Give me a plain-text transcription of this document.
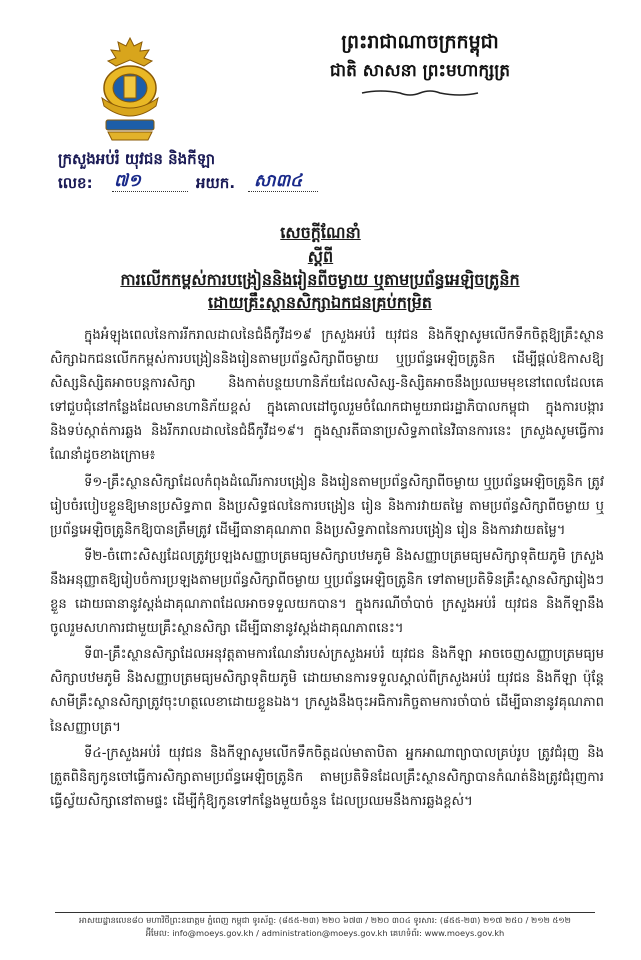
ព្រះរាជាណាចក្រកម្ពុជា
ជាតិ សាសនា ព្រះមហាក្សត្រ
ក្រសួងអប់រំ យុវជន និងកីឡា
លេខ: ៧១	អយក. សា៣៤
សេចក្តីណែនាំ
ស្តីពី
ការលើកកម្ពស់ការបង្រៀននិងរៀនពីចម្ងាយ ឬតាមប្រព័ន្ធអេឡិចត្រូនិក
ដោយគ្រឹះស្ថានសិក្សាឯកជនគ្រប់កម្រិត

ក្នុងអំឡុងពេលនៃការរីករាលដាលនៃជំងឺកូវីដ១៩ ក្រសួងអប់រំ យុវជន និងកីឡាសូមលើកទឹកចិត្តឱ្យគ្រឹះស្ថានសិក្សាឯកជនលើកកម្ពស់ការបង្រៀននិងរៀនតាមប្រព័ន្ធសិក្សាពីចម្ងាយ ឬប្រព័ន្ធអេឡិចត្រូនិក ដើម្បីផ្តល់ឱកាសឱ្យសិស្សនិស្សិតអាចបន្តការសិក្សា និងកាត់បន្ថយហានិភ័យដែលសិស្ស-និស្សិតអាចនឹងប្រឈមមុខនៅពេលដែលគេទៅជួបជុំនៅកន្លែងដែលមានហានិភ័យខ្ពស់ ក្នុងគោលដៅចូលរួមចំណែកជាមួយរាជរដ្ឋាភិបាលកម្ពុជា ក្នុងការបង្ការនិងទប់ស្កាត់ការឆ្លង និងរីករាលដាលនៃជំងឺកូវីដ១៩។ ក្នុងស្មារតីធានាប្រសិទ្ធភាពនៃវិធានការនេះ ក្រសួងសូមធ្វើការណែនាំដូចខាងក្រោម៖

ទី១-គ្រឹះស្ថានសិក្សាដែលកំពុងដំណើរការបង្រៀន និងរៀនតាមប្រព័ន្ធសិក្សាពីចម្ងាយ ឬប្រព័ន្ធអេឡិចត្រូនិក ត្រូវរៀបចំរបៀបខ្លួនឱ្យមានប្រសិទ្ធភាព និងប្រសិទ្ធផលនៃការបង្រៀន រៀន និងការវាយតម្លៃ តាមប្រព័ន្ធសិក្សាពីចម្ងាយ ឬប្រព័ន្ធអេឡិចត្រូនិកឱ្យបានត្រឹមត្រូវ ដើម្បីធានាគុណភាព និងប្រសិទ្ធភាពនៃការបង្រៀន រៀន និងការវាយតម្លៃ។

ទី២-ចំពោះសិស្សដែលត្រូវប្រឡងសញ្ញាបត្រមធ្យមសិក្សាបឋមភូមិ និងសញ្ញាបត្រមធ្យមសិក្សាទុតិយភូមិ ក្រសួងនឹងអនុញ្ញាតឱ្យរៀបចំការប្រឡងតាមប្រព័ន្ធសិក្សាពីចម្ងាយ ឬប្រព័ន្ធអេឡិចត្រូនិក ទៅតាមប្រតិទិនគ្រឹះស្ថានសិក្សារៀងៗខ្លួន ដោយធានានូវស្តង់ដាគុណភាពដែលអាចទទួលយកបាន។ ក្នុងករណីចាំបាច់ ក្រសួងអប់រំ យុវជន និងកីឡានឹងចូលរួមសហការជាមួយគ្រឹះស្ថានសិក្សា ដើម្បីធានានូវស្តង់ដាគុណភាពនេះ។

ទី៣-គ្រឹះស្ថានសិក្សាដែលអនុវត្តតាមការណែនាំរបស់ក្រសួងអប់រំ យុវជន និងកីឡា អាចចេញសញ្ញាបត្រមធ្យមសិក្សាបឋមភូមិ និងសញ្ញាបត្រមធ្យមសិក្សាទុតិយភូមិ ដោយមានការទទួលស្គាល់ពីក្រសួងអប់រំ យុវជន និងកីឡា ប៉ុន្តែសាមីគ្រឹះស្ថានសិក្សាត្រូវចុះហត្ថលេខាដោយខ្លួនឯង។ ក្រសួងនឹងចុះអធិការកិច្ចតាមការចាំបាច់ ដើម្បីធានានូវគុណភាពនៃសញ្ញាបត្រ។

ទី៤-ក្រសួងអប់រំ យុវជន និងកីឡាសូមលើកទឹកចិត្តដល់មាតាបិតា អ្នកអាណាព្យាបាលគ្រប់រូប ត្រូវជំរុញ និងត្រួតពិនិត្យកូនចៅធ្វើការសិក្សាតាមប្រព័ន្ធអេឡិចត្រូនិក តាមប្រតិទិនដែលគ្រឹះស្ថានសិក្សាបានកំណត់និងត្រូវជំរុញការធ្វើស្វ័យសិក្សានៅតាមផ្ទះ ដើម្បីកុំឱ្យកូនទៅកន្លែងមួយចំនួន ដែលប្រឈមនឹងការឆ្លងខ្ពស់។

អាសយដ្ឋានលេខ៨០ មហាវិថីព្រះនរោត្តម ភ្នំពេញ កម្ពុជា ទូរស័ព្ទ: (៨៥៥-២៣) ២២០ ៦៧៣ / ២២០ ៣០៤ ទូរសារ: (៨៥៥-២៣) ២១៧ ២៥០ / ២១២ ៥១២
អ៊ីមែល: info@moeys.gov.kh / administration@moeys.gov.kh គេហទំព័រ: www.moeys.gov.kh
